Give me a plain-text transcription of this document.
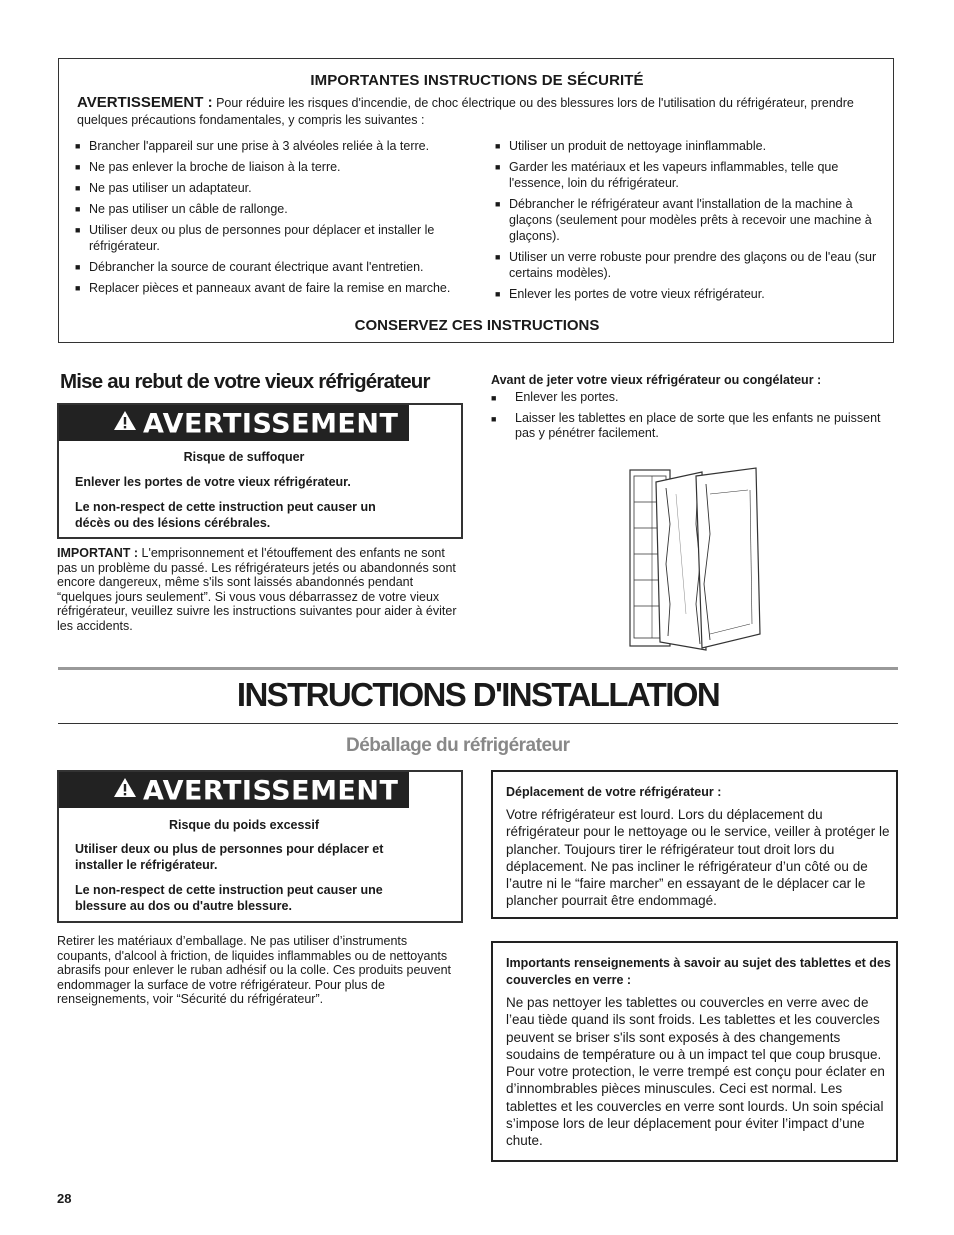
IMPORTANTES INSTRUCTIONS DE SÉCURITÉ
AVERTISSEMENT : Pour réduire les risques d'incendie, de choc électrique ou des blessures lors de l'utilisation du réfrigérateur, prendre quelques précautions fondamentales, y compris les suivantes :
■ Brancher l'appareil sur une prise à 3 alvéoles reliée à la terre.
■ Ne pas enlever la broche de liaison à la terre.
■ Ne pas utiliser un adaptateur.
■ Ne pas utiliser un câble de rallonge.
■ Utiliser deux ou plus de personnes pour déplacer et installer le réfrigérateur.
■ Débrancher la source de courant électrique avant l'entretien.
■ Replacer pièces et panneaux avant de faire la remise en marche.
■ Utiliser un produit de nettoyage ininflammable.
■ Garder les matériaux et les vapeurs inflammables, telle que l'essence, loin du réfrigérateur.
■ Débrancher le réfrigérateur avant l'installation de la machine à glaçons (seulement pour modèles prêts à recevoir une machine à glaçons).
■ Utiliser un verre robuste pour prendre des glaçons ou de l'eau (sur certains modèles).
■ Enlever les portes de votre vieux réfrigérateur.
CONSERVEZ CES INSTRUCTIONS
Mise au rebut de votre vieux réfrigérateur
AVERTISSEMENT
Risque de suffoquer
Enlever les portes de votre vieux réfrigérateur.
Le non-respect de cette instruction peut causer un décès ou des lésions cérébrales.
IMPORTANT : L'emprisonnement et l'étouffement des enfants ne sont pas un problème du passé. Les réfrigérateurs jetés ou abandonnés sont encore dangereux, même s'ils sont laissés abandonnés pendant “quelques jours seulement”. Si vous vous débarrassez de votre vieux réfrigérateur, veuillez suivre les instructions suivantes pour aider à éviter les accidents.
Avant de jeter votre vieux réfrigérateur ou congélateur :
■ Enlever les portes.
■ Laisser les tablettes en place de sorte que les enfants ne puissent pas y pénétrer facilement.
INSTRUCTIONS D'INSTALLATION
Déballage du réfrigérateur
AVERTISSEMENT
Risque du poids excessif
Utiliser deux ou plus de personnes pour déplacer et installer le réfrigérateur.
Le non-respect de cette instruction peut causer une blessure au dos ou d'autre blessure.
Retirer les matériaux d’emballage. Ne pas utiliser d’instruments coupants, d'alcool à friction, de liquides inflammables ou de nettoyants abrasifs pour enlever le ruban adhésif ou la colle. Ces produits peuvent endommager la surface de votre réfrigérateur. Pour plus de renseignements, voir “Sécurité du réfrigérateur”.
Déplacement de votre réfrigérateur :
Votre réfrigérateur est lourd. Lors du déplacement du réfrigérateur pour le nettoyage ou le service, veiller à protéger le plancher. Toujours tirer le réfrigérateur tout droit lors du déplacement. Ne pas incliner le réfrigérateur d’un côté ou de l’autre ni le “faire marcher” en essayant de le déplacer car le plancher pourrait être endommagé.
Importants renseignements à savoir au sujet des tablettes et des couvercles en verre :
Ne pas nettoyer les tablettes ou couvercles en verre avec de l’eau tiède quand ils sont froids. Les tablettes et les couvercles peuvent se briser s'ils sont exposés à des changements soudains de température ou à un impact tel que coup brusque. Pour votre protection, le verre trempé est conçu pour éclater en d’innombrables pièces minuscules. Ceci est normal. Les tablettes et les couvercles en verre sont lourds. Un soin spécial s’impose lors de leur déplacement pour éviter l’impact d’une chute.
28
